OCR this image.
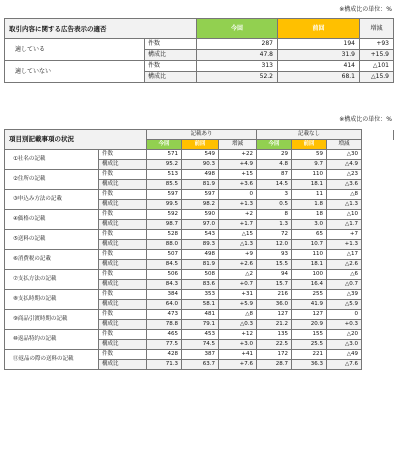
※構成比の単位：%
取引内容に関する広告表示の適否		今回	前回	増減
適している	件数	287	194	+93
	構成比	47.8	31.9	+15.9
適していない	件数	313	414	△101
	構成比	52.2	68.1	△15.9
※構成比の単位：%
項目別記載事項の状況		記載あり			記載なし			
		今回	前回	増減	今回	前回	増減	
①社名の記載	件数	571	549	+22	29	59	△30	
	構成比	95.2	90.3	+4.9	4.8	9.7	△4.9	
②住所の記載	件数	513	498	+15	87	110	△23	
	構成比	85.5	81.9	+3.6	14.5	18.1	△3.6	
③申込み方法の記載	件数	597	597	0	3	11	△8	
	構成比	99.5	98.2	+1.3	0.5	1.8	△1.3	
④価格の記載	件数	592	590	+2	8	18	△10	
	構成比	98.7	97.0	+1.7	1.3	3.0	△1.7	
⑤送料の記載	件数	528	543	△15	72	65	+7	
	構成比	88.0	89.3	△1.3	12.0	10.7	+1.3	
⑥消費税の記載	件数	507	498	+9	93	110	△17	
	構成比	84.5	81.9	+2.6	15.5	18.1	△2.6	
⑦支払方法の記載	件数	506	508	△2	94	100	△6	
	構成比	84.3	83.6	+0.7	15.7	16.4	△0.7	
⑧支払時期の記載	件数	384	353	+31	216	255	△39	
	構成比	64.0	58.1	+5.9	36.0	41.9	△5.9	
⑨商品引渡時期の記載	件数	473	481	△8	127	127	0	
	構成比	78.8	79.1	△0.3	21.2	20.9	+0.3	
⑩返品特約の記載	件数	465	453	+12	135	155	△20	
	構成比	77.5	74.5	+3.0	22.5	25.5	△3.0	
⑪返品の際の送料の記載	件数	428	387	+41	172	221	△49	
	構成比	71.3	63.7	+7.6	28.7	36.3	△7.6	
